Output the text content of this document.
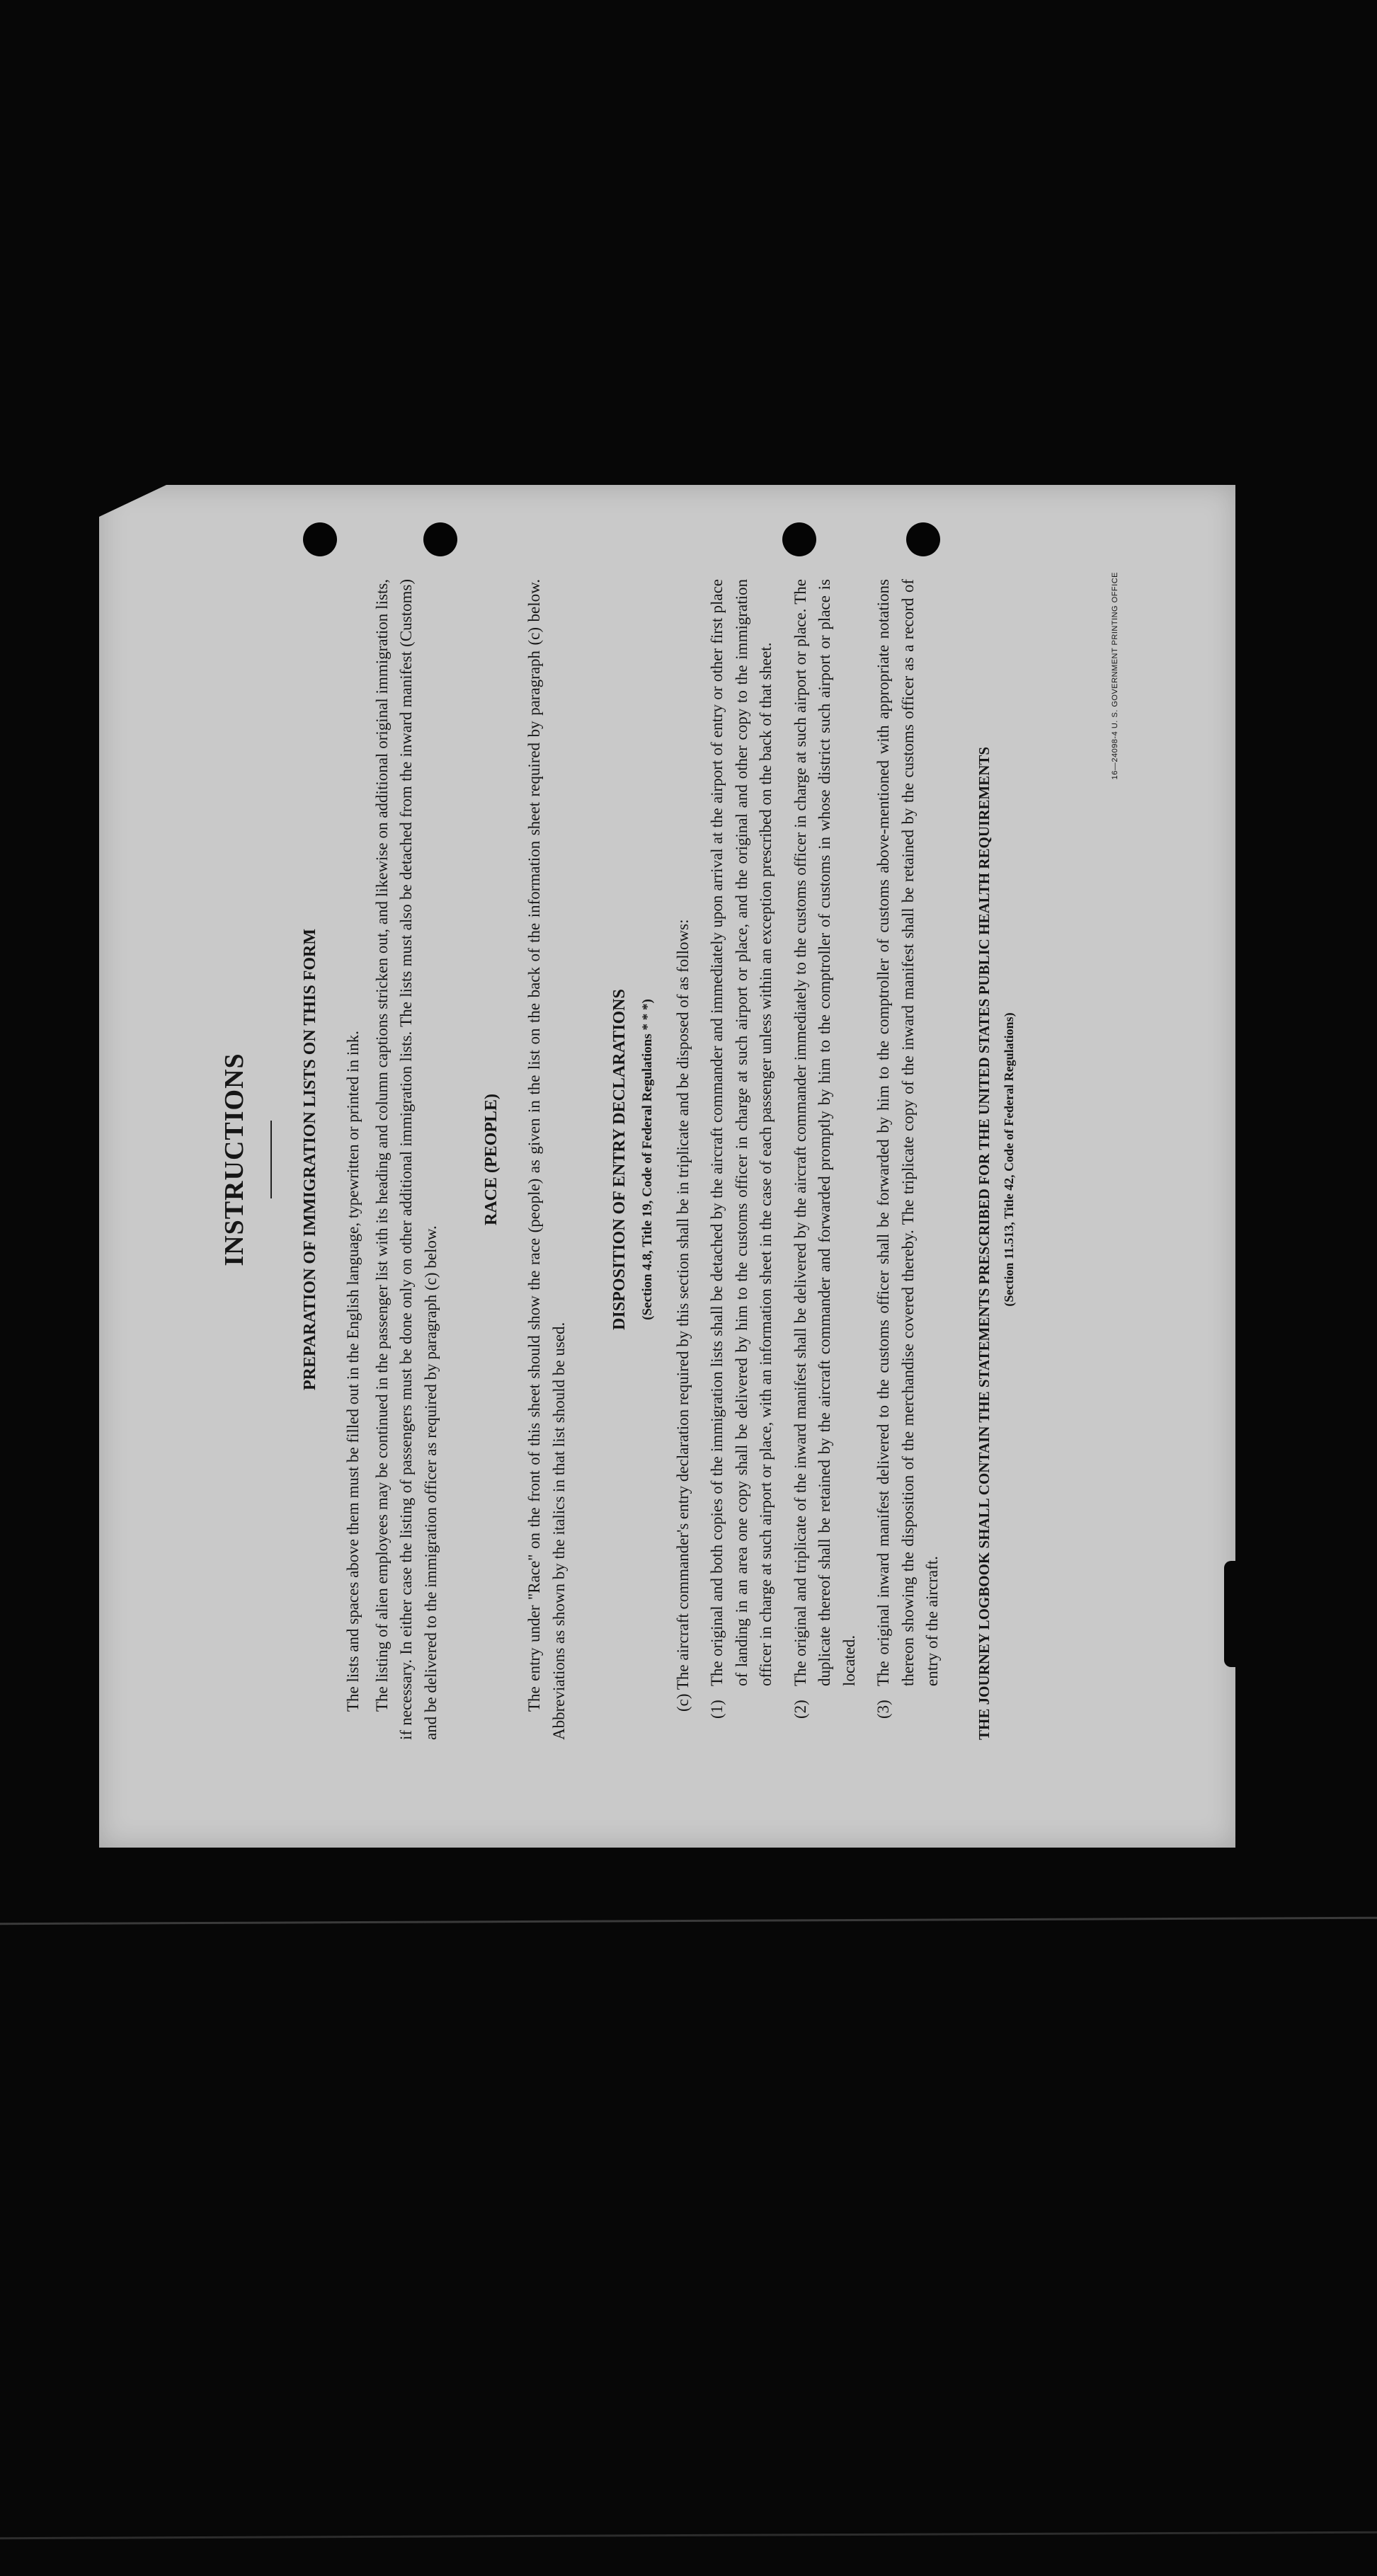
INSTRUCTIONS	PREPARATION OF IMMIGRATION LISTS ON THIS FORM The lists and spaces above them must be filled out in the English language, typewritten or printed in ink. The listing of alien employees may be continued in the passenger list with its heading and column captions stricken out, and likewise on additional original immigration lists, if necessary. In either case the listing of passengers must be done only on other additional immigration lists. The lists must also be detached from the inward manifest (Customs) and be delivered to the immigration officer as required by paragraph (c) below.

RACE (PEOPLE) The entry under "Race" on the front of this sheet should show the race (people) as given in the list on the back of the information sheet required by paragraph (c) below. Abbreviations as shown by the italics in that list should be used.

DISPOSITION OF ENTRY DECLARATIONS (Section 4.8, Title 19, Code of Federal Regulations * * *) (c) The aircraft commander's entry declaration required by this section shall be in triplicate and be disposed of as follows: (1)
The original and both copies of the immigration lists shall be detached by the aircraft commander and immediately upon arrival at the airport of entry or other first place of landing in an area one copy shall be delivered by him to the customs officer in charge at such airport or place, and the original and other copy to the immigration officer in charge at such airport or place, with an information sheet in the case of each passenger unless within an exception prescribed on the back of that sheet.
(2)
The original and triplicate of the inward manifest shall be delivered by the aircraft commander immediately to the customs officer in charge at such airport or place. The duplicate thereof shall be retained by the aircraft commander and forwarded promptly by him to the comptroller of customs in whose district such airport or place is located.
(3)
The original inward manifest delivered to the customs officer shall be forwarded by him to the comptroller of customs above-mentioned with appropriate notations thereon showing the disposition of the merchandise covered thereby. The triplicate copy of the inward manifest shall be retained by the customs officer as a record of entry of the aircraft. THE JOURNEY LOGBOOK SHALL CONTAIN THE STATEMENTS PRESCRIBED FOR THE UNITED STATES PUBLIC HEALTH REQUIREMENTS (Section 11.513, Title 42, Code of Federal Regulations)

16—24098-4 U. S. GOVERNMENT PRINTING OFFICE
